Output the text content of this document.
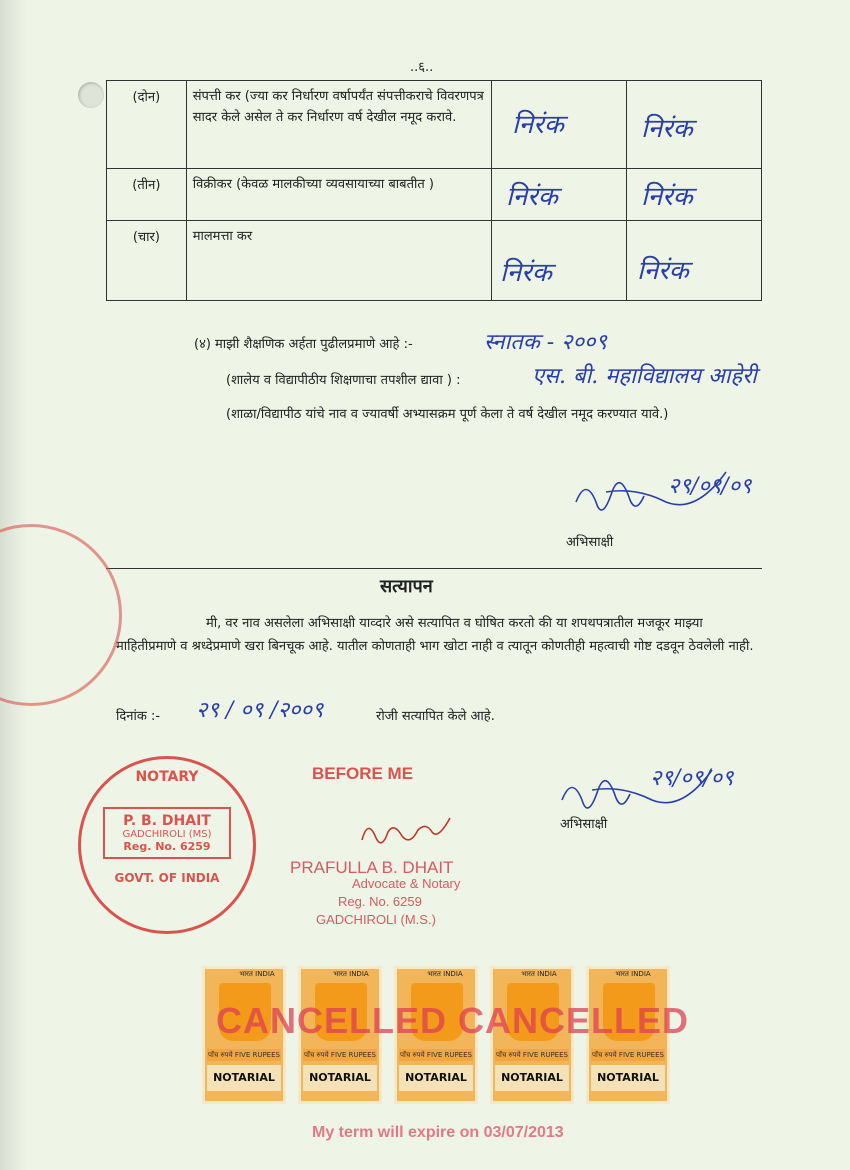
..६..
(दोन)	संपत्ती कर (ज्या कर निर्धारण वर्षापर्यंत संपत्तीकराचे विवरणपत्र सादर केले असेल ते कर निर्धारण वर्ष देखील नमूद करावे.	निरंक	निरंक

(तीन)	विक्रीकर (केवळ मालकीच्या व्यवसायाच्या बाबतीत )	निरंक	निरंक

(चार)	मालमत्ता कर	निरंक	निरंक
(४) माझी शैक्षणिक अर्हता पुढीलप्रमाणे आहे :-	स्नातक - २००९
(शालेय व विद्यापीठीय शिक्षणाचा तपशील द्यावा ) :	एस. बी. महाविद्यालय आहेरी
(शाळा/विद्यापीठ यांचे नाव व ज्यावर्षी अभ्यासक्रम पूर्ण केला ते वर्ष देखील नमूद करण्यात यावे.)
२९/०९/०९
अभिसाक्षी
सत्यापन
मी, वर नाव असलेला अभिसाक्षी याव्दारे असे सत्यापित व घोषित करतो की या शपथपत्रातील मजकूर माझ्या माहितीप्रमाणे व श्रध्देप्रमाणे खरा बिनचूक आहे. यातील कोणताही भाग खोटा नाही व त्यातून कोणतीही महत्वाची गोष्ट दडवून ठेवलेली नाही.
दिनांक :- २९ / ०९ /२००९	रोजी सत्यापित केले आहे.
NOTARY
P. B. DHAIT
GADCHIROLI (MS)
Reg. No. 6259
GOVT. OF INDIA
BEFORE ME
PRAFULLA B. DHAIT
Advocate & Notary
Reg. No. 6259
GADCHIROLI (M.S.)
२९/०९/०९
अभिसाक्षी
पाँच रुपये FIVE RUPEES
NOTARIAL
पाँच रुपये FIVE RUPEES
NOTARIAL
पाँच रुपये FIVE RUPEES
NOTARIAL
पाँच रुपये FIVE RUPEES
NOTARIAL
पाँच रुपये FIVE RUPEES
NOTARIAL
भारत INDIA	भारत INDIA	भारत INDIA	भारत INDIA	भारत INDIA
CANCELLED CANCELLED
My term will expire on 03/07/2013
